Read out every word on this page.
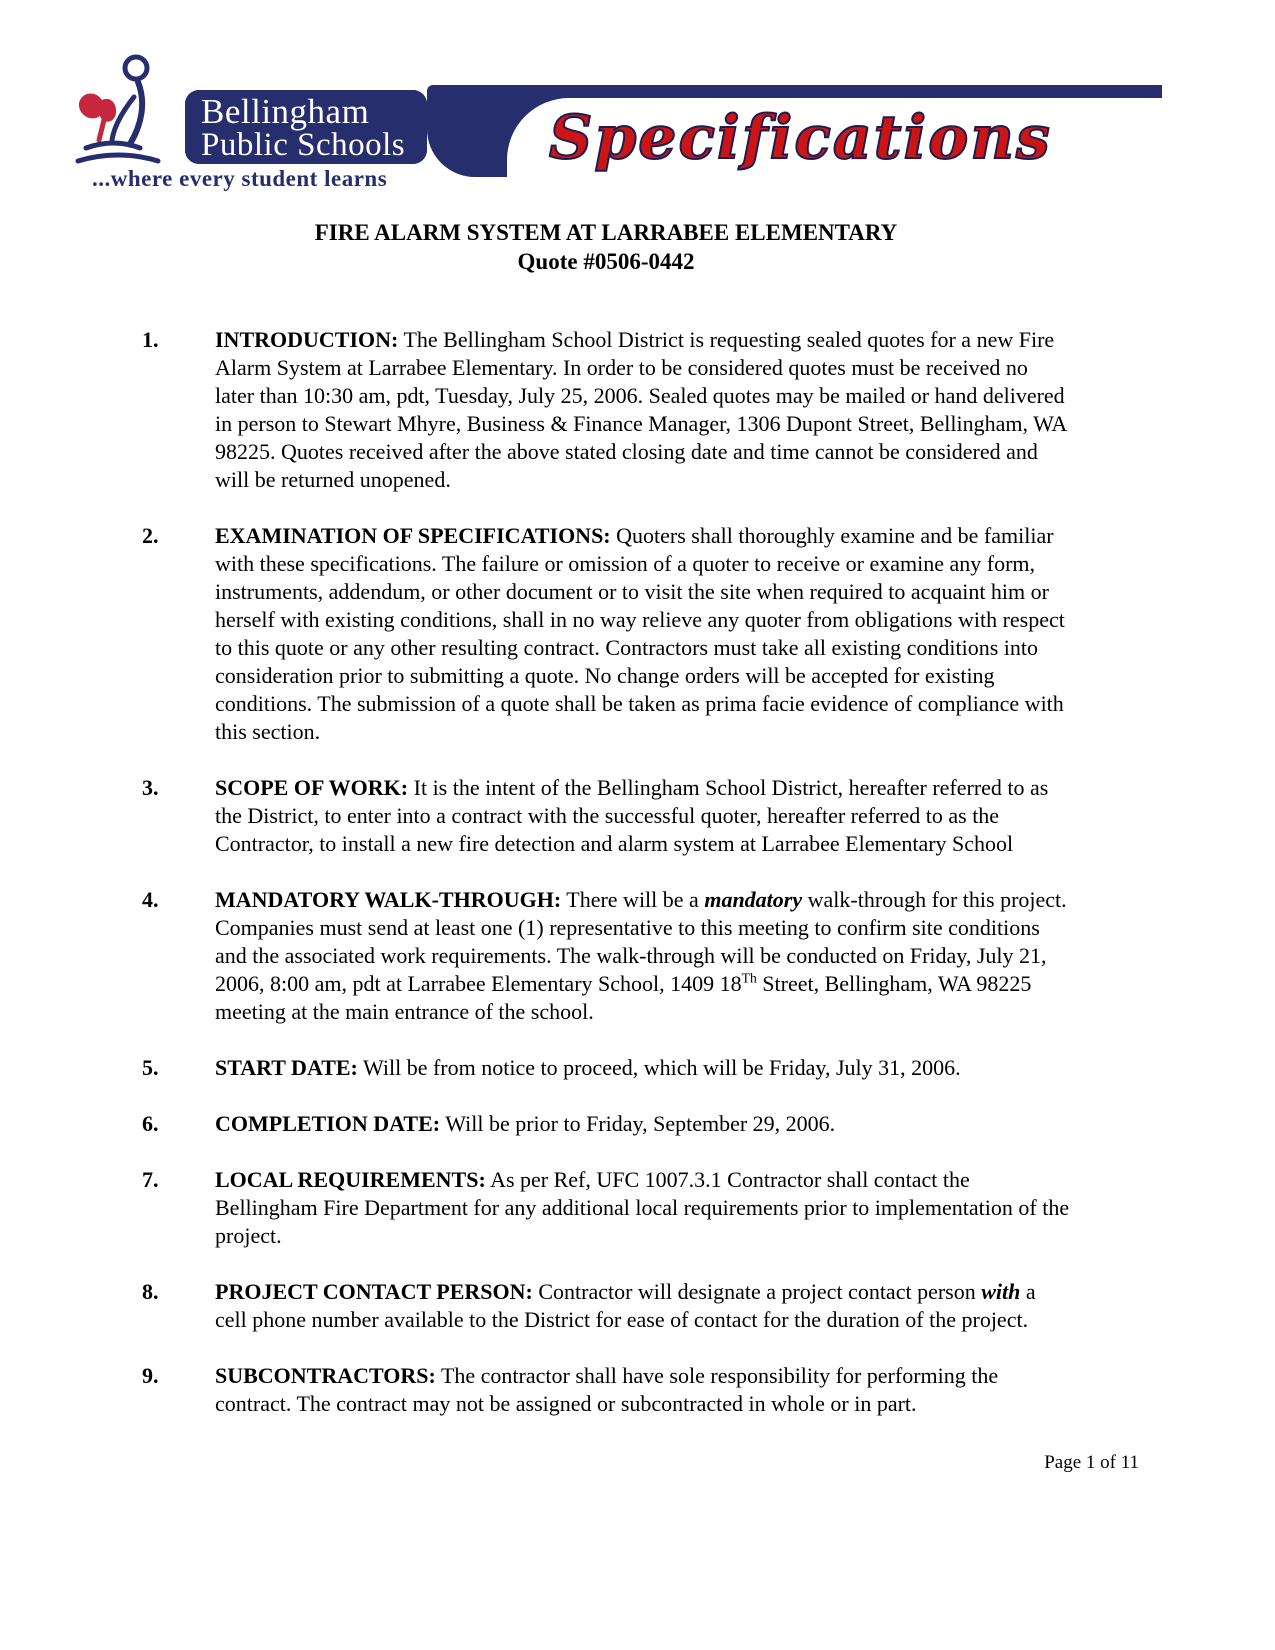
Bellingham
Public Schools
...where every student learns
Specifications
FIRE ALARM SYSTEM AT LARRABEE ELEMENTARY
Quote #0506-0442
1.	INTRODUCTION: The Bellingham School District is requesting sealed quotes for a new Fire Alarm System at Larrabee Elementary. In order to be considered quotes must be received no later than 10:30 am, pdt, Tuesday, July 25, 2006. Sealed quotes may be mailed or hand delivered in person to Stewart Mhyre, Business & Finance Manager, 1306 Dupont Street, Bellingham, WA 98225. Quotes received after the above stated closing date and time cannot be considered and will be returned unopened.
2.	EXAMINATION OF SPECIFICATIONS: Quoters shall thoroughly examine and be familiar with these specifications. The failure or omission of a quoter to receive or examine any form, instruments, addendum, or other document or to visit the site when required to acquaint him or herself with existing conditions, shall in no way relieve any quoter from obligations with respect to this quote or any other resulting contract. Contractors must take all existing conditions into consideration prior to submitting a quote. No change orders will be accepted for existing conditions. The submission of a quote shall be taken as prima facie evidence of compliance with this section.
3.	SCOPE OF WORK: It is the intent of the Bellingham School District, hereafter referred to as the District, to enter into a contract with the successful quoter, hereafter referred to as the Contractor, to install a new fire detection and alarm system at Larrabee Elementary School
4.	MANDATORY WALK-THROUGH: There will be a mandatory walk-through for this project. Companies must send at least one (1) representative to this meeting to confirm site conditions and the associated work requirements. The walk-through will be conducted on Friday, July 21, 2006, 8:00 am, pdt at Larrabee Elementary School, 1409 18Th Street, Bellingham, WA 98225 meeting at the main entrance of the school.
5.	START DATE: Will be from notice to proceed, which will be Friday, July 31, 2006.
6.	COMPLETION DATE: Will be prior to Friday, September 29, 2006.
7.	LOCAL REQUIREMENTS: As per Ref, UFC 1007.3.1 Contractor shall contact the Bellingham Fire Department for any additional local requirements prior to implementation of the project.
8.	PROJECT CONTACT PERSON: Contractor will designate a project contact person with a cell phone number available to the District for ease of contact for the duration of the project.
9.	SUBCONTRACTORS: The contractor shall have sole responsibility for performing the contract. The contract may not be assigned or subcontracted in whole or in part.
Page 1 of 11
